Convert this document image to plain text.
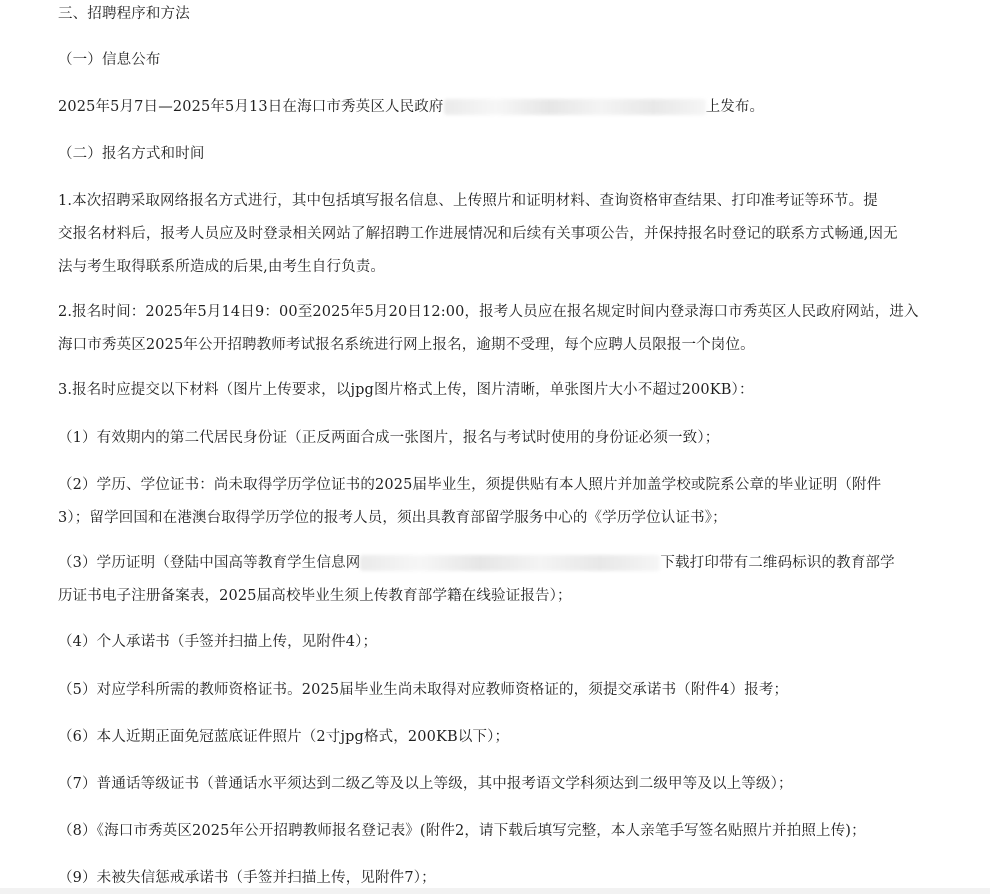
三、招聘程序和方法
（一）信息公布
2025年5月7日—2025年5月13日在海口市秀英区人民政府	上发布。
（二）报名方式和时间
1.本次招聘采取网络报名方式进行，其中包括填写报名信息、上传照片和证明材料、查询资格审查结果、打印准考证等环节。提
交报名材料后，报考人员应及时登录相关网站了解招聘工作进展情况和后续有关事项公告，并保持报名时登记的联系方式畅通,因无
法与考生取得联系所造成的后果,由考生自行负责。
2.报名时间：2025年5月14日9：00至2025年5月20日12:00，报考人员应在报名规定时间内登录海口市秀英区人民政府网站，进入
海口市秀英区2025年公开招聘教师考试报名系统进行网上报名，逾期不受理，每个应聘人员限报一个岗位。
3.报名时应提交以下材料（图片上传要求，以jpg图片格式上传，图片清晰，单张图片大小不超过200KB）：
（1）有效期内的第二代居民身份证（正反两面合成一张图片，报名与考试时使用的身份证必须一致）；
（2）学历、学位证书：尚未取得学历学位证书的2025届毕业生，须提供贴有本人照片并加盖学校或院系公章的毕业证明（附件
3）；留学回国和在港澳台取得学历学位的报考人员，须出具教育部留学服务中心的《学历学位认证书》；
（3）学历证明（登陆中国高等教育学生信息网	下载打印带有二维码标识的教育部学
历证书电子注册备案表，2025届高校毕业生须上传教育部学籍在线验证报告）；
（4）个人承诺书（手签并扫描上传，见附件4）；
（5）对应学科所需的教师资格证书。2025届毕业生尚未取得对应教师资格证的，须提交承诺书（附件4）报考；
（6）本人近期正面免冠蓝底证件照片（2寸jpg格式，200KB以下）；
（7）普通话等级证书（普通话水平须达到二级乙等及以上等级，其中报考语文学科须达到二级甲等及以上等级）；
（8）《海口市秀英区2025年公开招聘教师报名登记表》(附件2，请下载后填写完整，本人亲笔手写签名贴照片并拍照上传)；
（9）未被失信惩戒承诺书（手签并扫描上传，见附件7）；
